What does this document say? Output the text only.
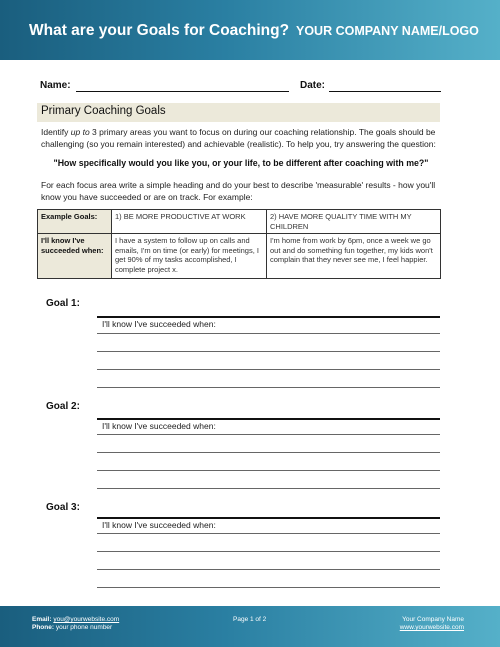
What are your Goals for Coaching? YOUR COMPANY NAME/LOGO
Name:	Date:
Primary Coaching Goals
Identify up to 3 primary areas you want to focus on during our coaching relationship. The goals should be challenging (so you remain interested) and achievable (realistic). To help you, try answering the question:
"How specifically would you like you, or your life, to be different after coaching with me?"
For each focus area write a simple heading and do your best to describe 'measurable' results - how you'll know you have succeeded or are on track. For example:
Example Goals:	1) BE MORE PRODUCTIVE AT WORK	2) HAVE MORE QUALITY TIME WITH MY CHILDREN
I'll know I've succeeded when:	I have a system to follow up on calls and emails, I'm on time (or early) for meetings, I get 90% of my tasks accomplished, I complete project x.	I'm home from work by 6pm, once a week we go out and do something fun together, my kids won't complain that they never see me, I feel happier.
Goal 1:
I'll know I've succeeded when:
Goal 2:
I'll know I've succeeded when:
Goal 3:
I'll know I've succeeded when:
Email: you@yourwebsite.com
Phone: your phone number
Page 1 of 2	Your Company Name
www.yourwebsite.com
